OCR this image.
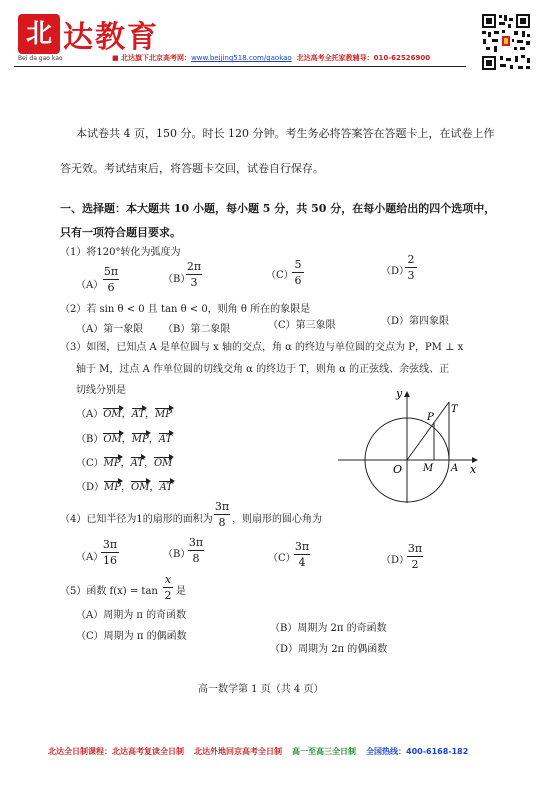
北 达教育
Bei da gao kao	■ 北达旗下北京高考网：www.beijing518.com/gaokao 北达高考全托家教辅导：010-62526900
本试卷共 4 页，150 分。时长 120 分钟。考生务必将答案答在答题卡上，在试卷上作
答无效。考试结束后，将答题卡交回，试卷自行保存。
一、选择题：本大题共 10 小题，每小题 5 分，共 50 分，在每小题给出的四个选项中，
只有一项符合题目要求。
（1）将120°转化为弧度为
（A）
5π
6
（B）
2π
3
（C）
5
6
（D）
2
3
（2）若 sin θ < 0 且 tan θ < 0，则角 θ 所在的象限是
（A）第一象限 （B）第二象限	（C）第三象限	（D）第四象限
（3）如图，已知点 A 是单位圆与 x 轴的交点，角 α 的终边与单位圆的交点为 P，PM ⊥ x
轴于 M，过点 A 作单位圆的切线交角 α 的终边于 T，则角 α 的正弦线、余弦线、正
切线分别是
（A）OM，AT，MP
（B）OM，MP，AT
（C）MP，AT，OM
（D）MP，OM，AT
y
x
O M A
P
T
（4）已知半径为1的扇形的面积为
3π
8 ，则扇形的圆心角为
（A）
3π
16	（B）
3π
8	（C）
3π
4	（D）
3π
2
（5）函数 f(x) = tan
x
2 是
（A）周期为 π 的奇函数
（B）周期为 2π 的奇函数
（C）周期为 π 的偶函数
（D）周期为 2π 的偶函数
高一数学第 1 页（共 4 页）
北达全日制课程：北达高考复读全日制 北达外地回京高考全日制 高一至高三全日制 全国热线：400-6168-182
